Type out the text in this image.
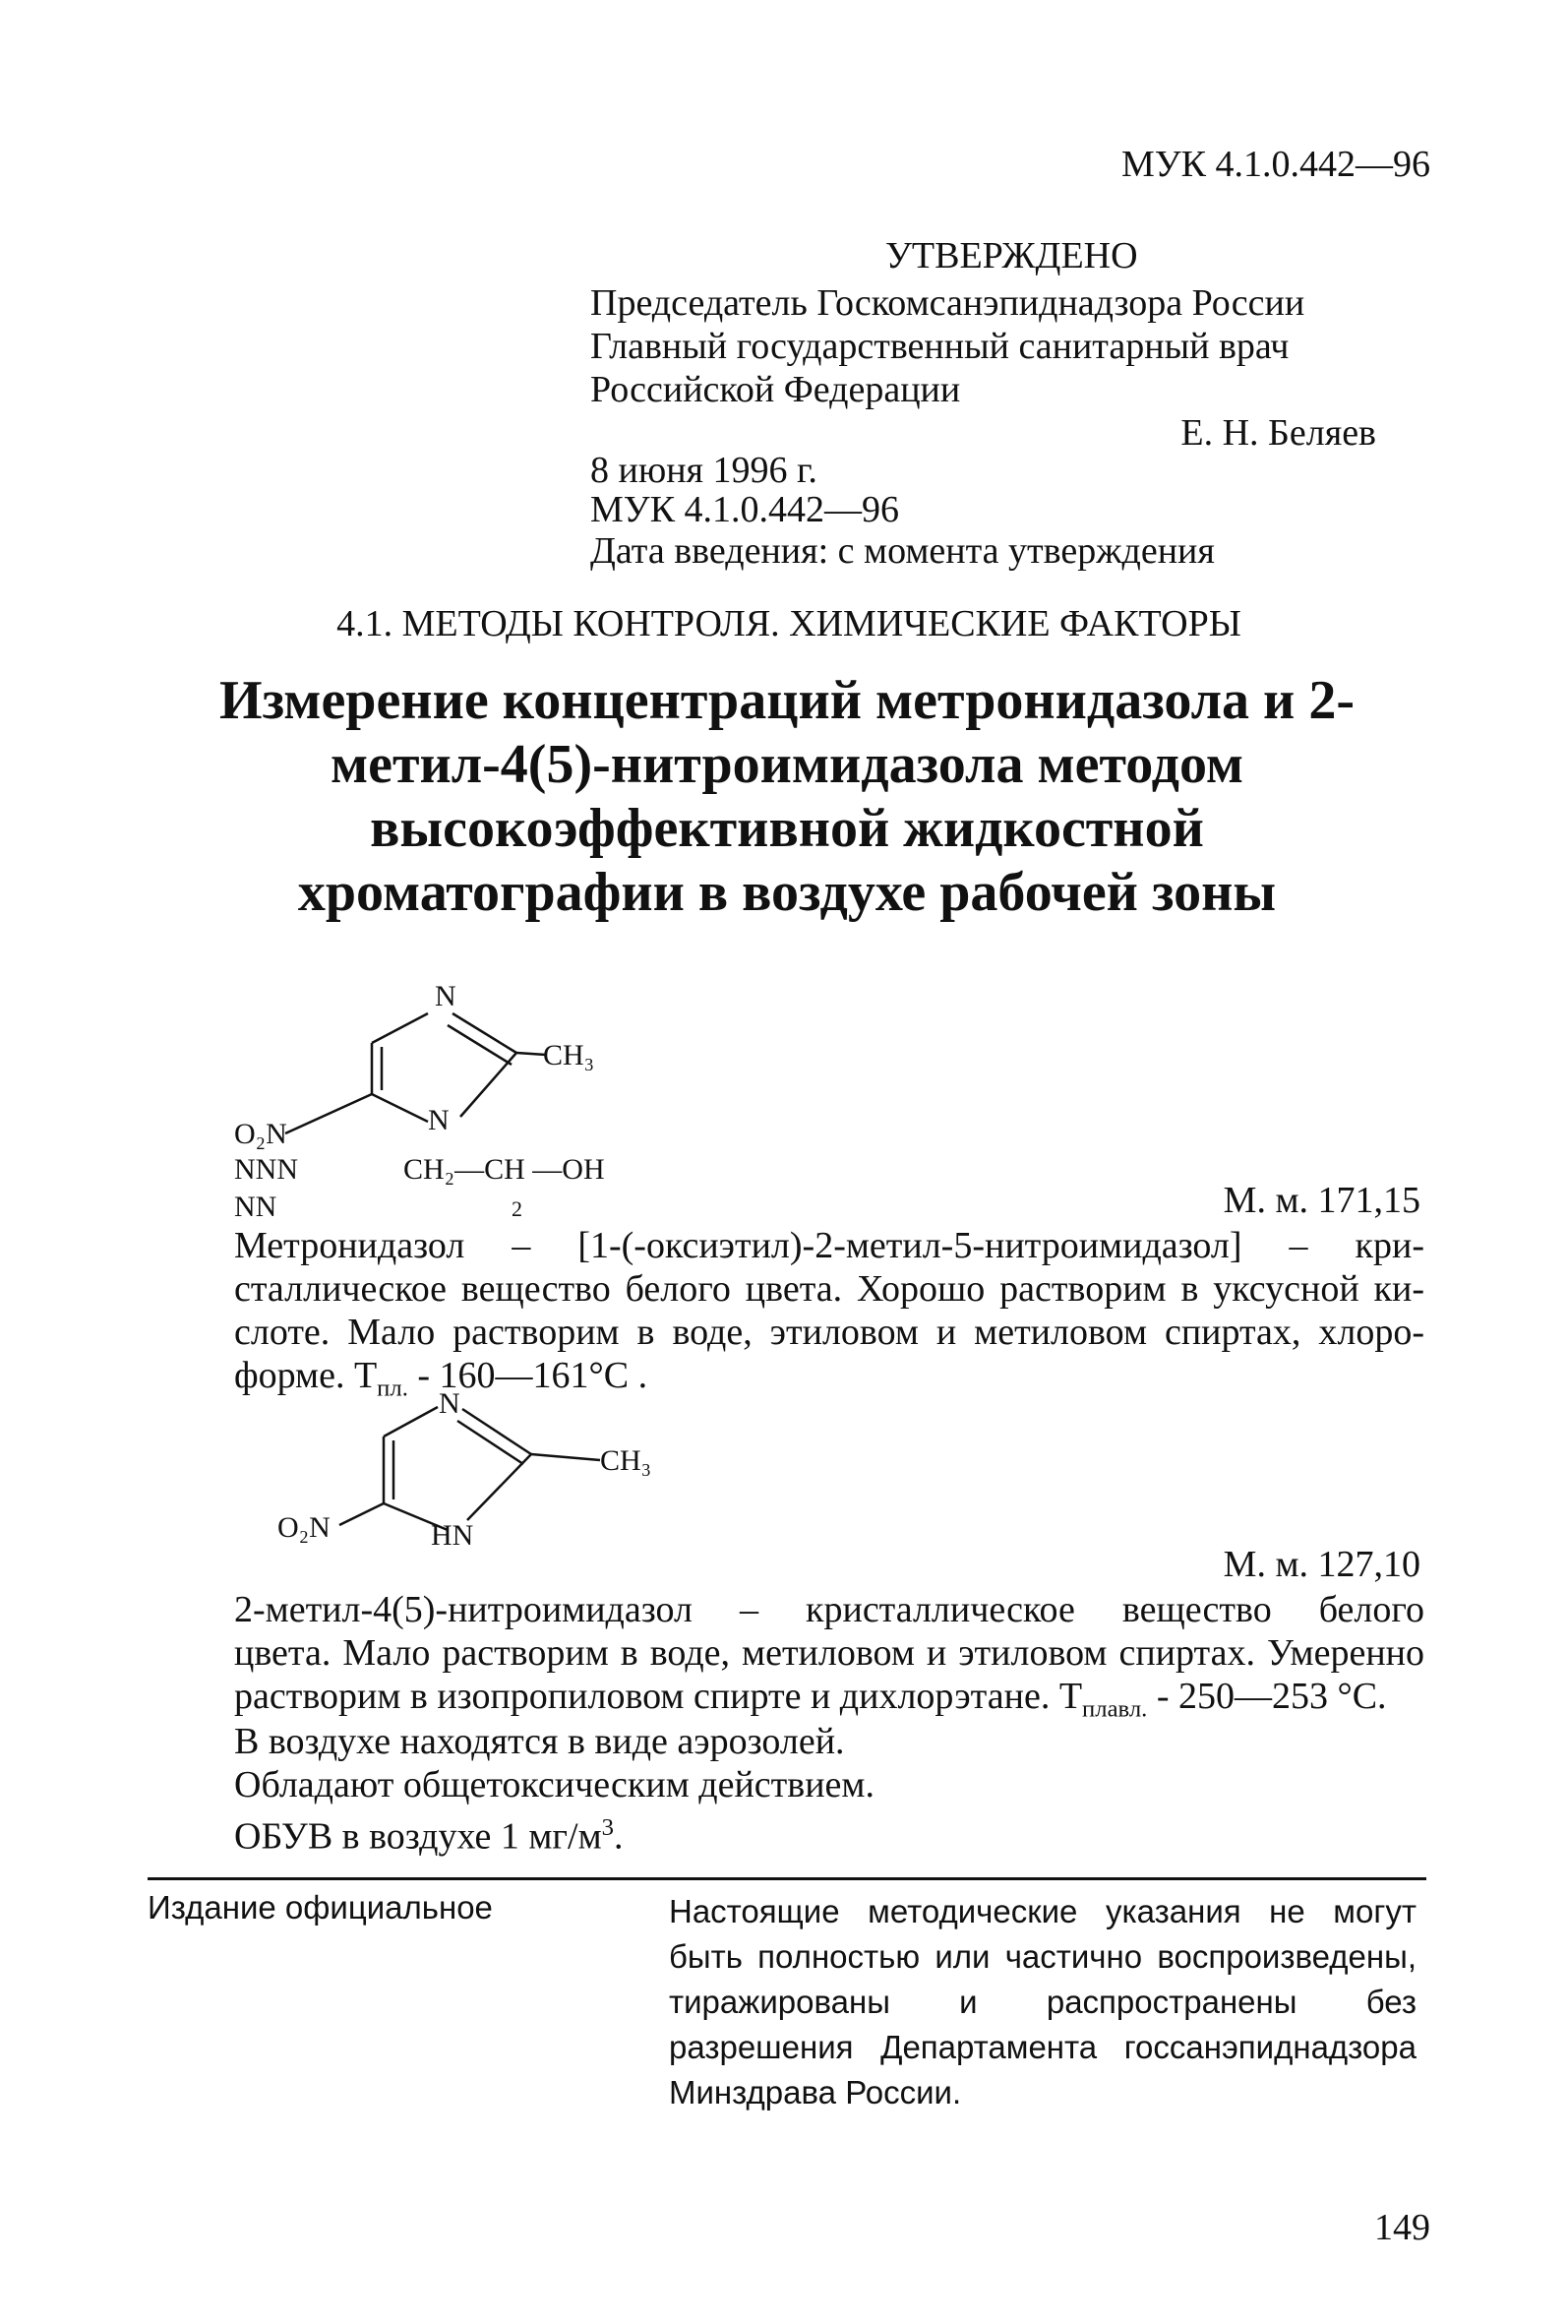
МУК 4.1.0.442—96
УТВЕРЖДЕНО
Председатель Госкомсанэпиднадзора России
Главный государственный санитарный врач
Российской Федерации
Е. Н. Беляев
8 июня 1996 г.
МУК 4.1.0.442—96
Дата введения: с момента утверждения
4.1. МЕТОДЫ КОНТРОЛЯ. ХИМИЧЕСКИЕ ФАКТОРЫ
Измерение концентраций метронидазола и 2-метил-4(5)-нитроимидазола методом высокоэффективной жидкостной хроматографии в воздухе рабочей зоны
N
CH₃
O₂N	N
NNN	CH₂—CH —OH
NN	2	М. м. 171,15
Метронидазол – [1-(-оксиэтил)-2-метил-5-нитроимидазол] – кри-
сталлическое вещество белого цвета. Хорошо растворим в уксусной ки-
слоте. Мало растворим в воде, этиловом и метиловом спиртах, хлоро-
форме. $Т_{пл.}$ - 160—161°С .
N
CH₃
O₂N	HN
М. м. 127,10
2-метил-4(5)-нитроимидазол – кристаллическое вещество белого
цвета. Мало растворим в воде, метиловом и этиловом спиртах. Умеренно
растворим в изопропиловом спирте и дихлорэтане. $Т_{плавл.}$ - 250—253 °С.
В воздухе находятся в виде аэрозолей.
Обладают общетоксическим действием.
ОБУВ в воздухе 1 $мг/м^3$.
Издание официальное	Настоящие методические указания не могут быть полностью или частично воспроизведены, тиражированы и распространены без разрешения Департамента госсанэпиднадзора Минздрава России.
149
